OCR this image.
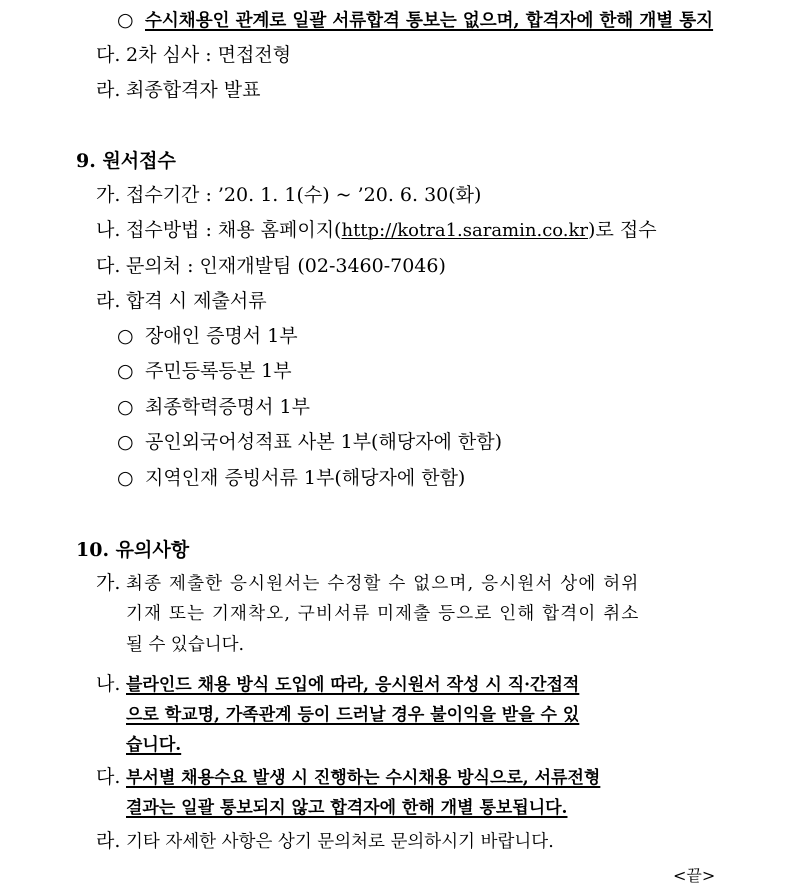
○ 수시채용인 관계로 일괄 서류합격 통보는 없으며, 합격자에 한해 개별 통지
다. 2차 심사 : 면접전형
라. 최종합격자 발표
9. 원서접수
가. 접수기간 : ’20. 1. 1(수) ~ ’20. 6. 30(화)
나. 접수방법 : 채용 홈페이지(http://kotra1.saramin.co.kr)로 접수
다. 문의처 : 인재개발팀 (02-3460-7046)
라. 합격 시 제출서류
○ 장애인 증명서 1부
○ 주민등록등본 1부
○ 최종학력증명서 1부
○ 공인외국어성적표 사본 1부(해당자에 한함)
○ 지역인재 증빙서류 1부(해당자에 한함)
10. 유의사항
가. 최종 제출한 응시원서는 수정할 수 없으며, 응시원서 상에 허위
기재 또는 기재착오, 구비서류 미제출 등으로 인해 합격이 취소
될 수 있습니다.
나. 블라인드 채용 방식 도입에 따라, 응시원서 작성 시 직·간접적
으로 학교명, 가족관계 등이 드러날 경우 불이익을 받을 수 있
습니다.
다. 부서별 채용수요 발생 시 진행하는 수시채용 방식으로, 서류전형
결과는 일괄 통보되지 않고 합격자에 한해 개별 통보됩니다.
라. 기타 자세한 사항은 상기 문의처로 문의하시기 바랍니다.
<끝>
